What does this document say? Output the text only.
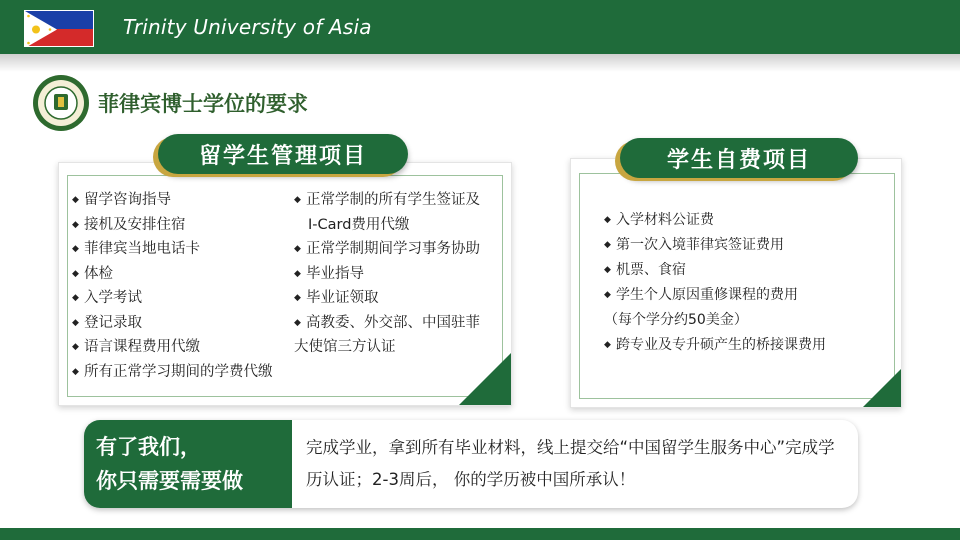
Trinity University of Asia
菲律宾博士学位的要求
留学生管理项目
◆ 留学咨询指导
◆ 接机及安排住宿
◆ 菲律宾当地电话卡
◆ 体检
◆ 入学考试
◆ 登记录取
◆ 语言课程费用代缴
◆ 所有正常学习期间的学费代缴
◆ 正常学制的所有学生签证及
I-Card费用代缴
◆ 正常学制期间学习事务协助
◆ 毕业指导
◆ 毕业证领取
◆ 高教委、外交部、中国驻菲
大使馆三方认证
学生自费项目
◆ 入学材料公证费
◆ 第一次入境菲律宾签证费用
◆ 机票、食宿
◆ 学生个人原因重修课程的费用
（每个学分约50美金）
◆ 跨专业及专升硕产生的桥接课费用
有了我们，
你只需要需要做
完成学业，拿到所有毕业材料，线上提交给“中国留学生服务中心”完成学历认证；2-3周后， 你的学历被中国所承认！
